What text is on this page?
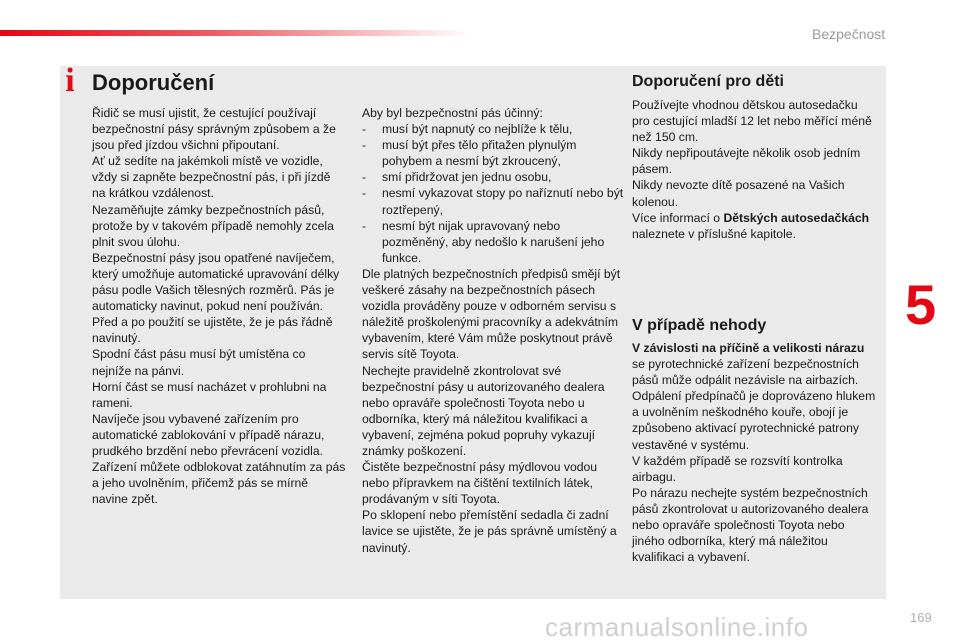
Bezpečnost
5
i Doporučení

Řidič se musí ujistit, že cestující používají bezpečnostní pásy správným způsobem a že jsou před jízdou všichni připoutaní.

Ať už sedíte na jakémkoli místě ve vozidle, vždy si zapněte bezpečnostní pás, i při jízdě na krátkou vzdálenost.

Nezaměňujte zámky bezpečnostních pásů, protože by v takovém případě nemohly zcela plnit svou úlohu.

Bezpečnostní pásy jsou opatřené navíječem, který umožňuje automatické upravování délky pásu podle Vašich tělesných rozměrů. Pás je automaticky navinut, pokud není používán.

Před a po použití se ujistěte, že je pás řádně navinutý.

Spodní část pásu musí být umístěna co nejníže na pánvi.

Horní část se musí nacházet v prohlubni na rameni.

Navíječe jsou vybavené zařízením pro automatické zablokování v případě nárazu, prudkého brzdění nebo převrácení vozidla. Zařízení můžete odblokovat zatáhnutím za pás a jeho uvolněním, přičemž pás se mírně navine zpět.

Aby byl bezpečnostní pás účinný:

- musí být napnutý co nejblíže k tělu,
- musí být přes tělo přitažen plynulým pohybem a nesmí být zkroucený,
- smí přidržovat jen jednu osobu,
- nesmí vykazovat stopy po naříznutí nebo být roztřepený,
- nesmí být nijak upravovaný nebo pozměněný, aby nedošlo k narušení jeho funkce.

Dle platných bezpečnostních předpisů smějí být veškeré zásahy na bezpečnostních pásech vozidla prováděny pouze v odborném servisu s náležitě proškolenými pracovníky a adekvátním vybavením, které Vám může poskytnout právě servis sítě Toyota.

Nechejte pravidelně zkontrolovat své bezpečnostní pásy u autorizovaného dealera nebo opraváře společnosti Toyota nebo u odborníka, který má náležitou kvalifikaci a vybavení, zejména pokud popruhy vykazují známky poškození.

Čistěte bezpečnostní pásy mýdlovou vodou nebo přípravkem na čištění textilních látek, prodávaným v síti Toyota.

Po sklopení nebo přemístění sedadla či zadní lavice se ujistěte, že je pás správně umístěný a navinutý.

Doporučení pro děti

Používejte vhodnou dětskou autosedačku pro cestující mladší 12 let nebo měřící méně než 150 cm.

Nikdy nepřipoutávejte několik osob jedním pásem.

Nikdy nevozte dítě posazené na Vašich kolenou.

Více informací o Dětských autosedačkách naleznete v příslušné kapitole.

V případě nehody

V závislosti na příčině a velikosti nárazu se pyrotechnické zařízení bezpečnostních pásů může odpálit nezávisle na airbazích. Odpálení předpínačů je doprovázeno hlukem a uvolněním neškodného kouře, obojí je způsobeno aktivací pyrotechnické patrony vestavěné v systému.

V každém případě se rozsvítí kontrolka airbagu.

Po nárazu nechejte systém bezpečnostních pásů zkontrolovat u autorizovaného dealera nebo opraváře společnosti Toyota nebo jiného odborníka, který má náležitou kvalifikaci a vybavení.

carmanualsonline.info	169
